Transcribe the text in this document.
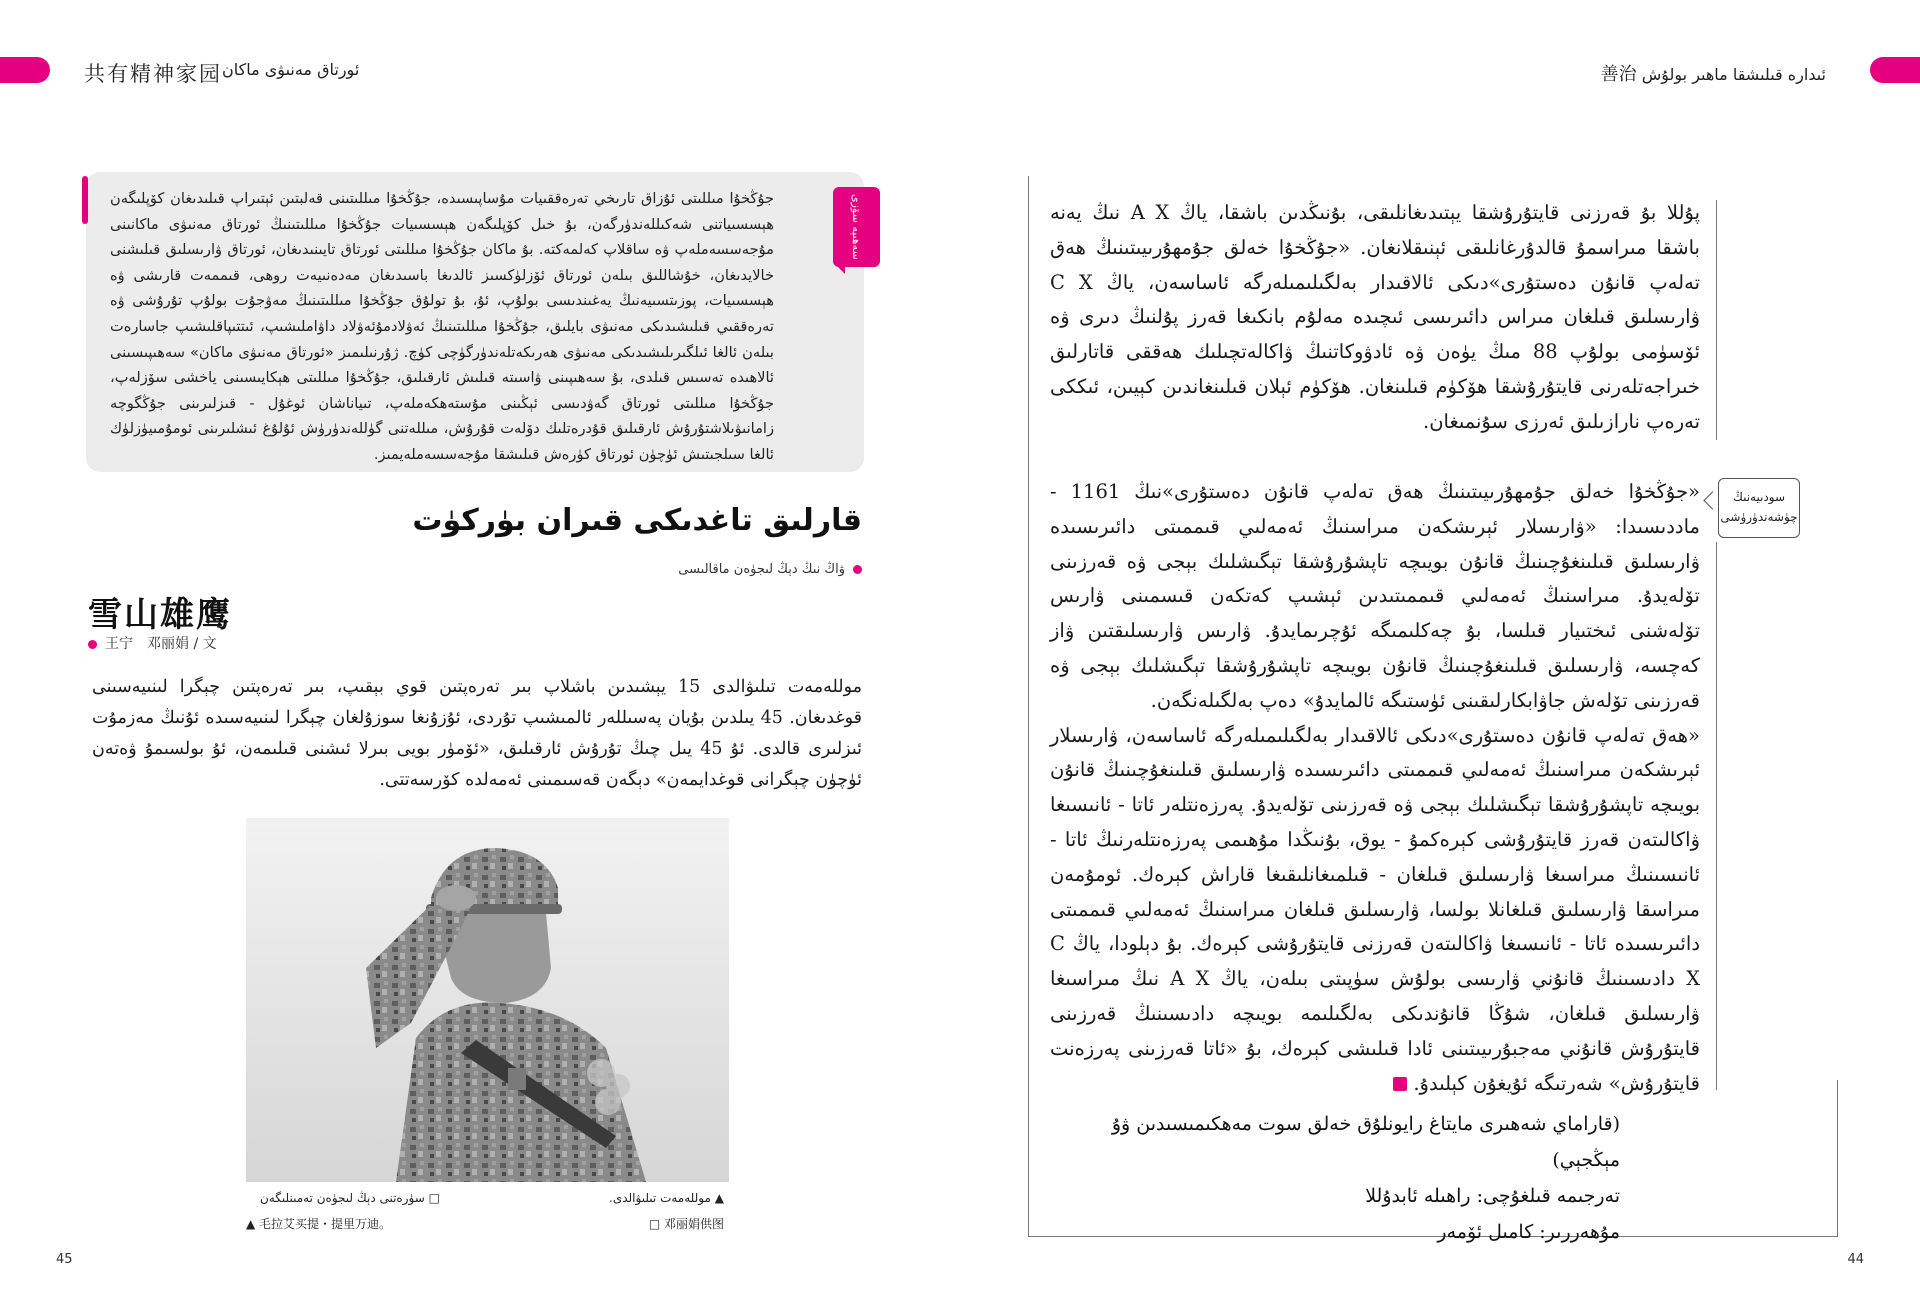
共有精神家园 ئورتاق مەنىۋى ماكان	ئىدارە قىلىشقا ماھىر بولۇش 善治
جۇڭخۇا مىللىتى ئۇزاق تارىخي تەرەققىيات مۇساپىسىدە، جۇڭخۇا مىللىتىنى قەلبتىن ئېتىراپ قىلىدىغان كۆپلىگەن ھېسسىياتنى شەكىللەندۈرگەن، بۇ خىل كۆپلىگەن ھېسسىيات جۇڭخۇا مىللىتىنىڭ ئورتاق مەنىۋى ماكانىنى مۇجەسسەملەپ ۋە ساقلاپ كەلمەكتە. بۇ ماكان جۇڭخۇا مىللىتى ئورتاق تايىنىدىغان، ئورتاق ۋارىسلىق قىلىشنى خالايدىغان، خۇشاللىق بىلەن ئورتاق ئۆزلۈكسىز ئالدىغا باسىدىغان مەدەنىيەت روھى، قىممەت قارىشى ۋە ھېسسىيات، پوزىتسىيەنىڭ يەغىندىسى بولۇپ، ئۇ، بۇ تولۇق جۇڭخۇا مىللىتىنىڭ مەۋجۇت بولۇپ تۇرۇشى ۋە تەرەققىي قىلىشىدىكى مەنىۋى بايلىق، جۇڭخۇا مىللىتىنىڭ ئەۋلادمۇئەۋلاد داۋاملىشىپ، ئىتتىپاقلىشىپ جاسارەت بىلەن ئالغا ئىلگىرىلىشىدىكى مەنىۋى ھەرىكەتلەندۈرگۈچى كۈچ. ژۇرنىلىمىز «ئورتاق مەنىۋى ماكان» سەھىپىسىنى ئالاھىدە تەسىس قىلدى، بۇ سەھىپىنى ۋاسىتە قىلىش ئارقىلىق، جۇڭخۇا مىللىتى ھېكايىسىنى ياخشى سۆزلەپ، جۇڭخۇا مىللىتى ئورتاق گەۋدىسى ئېڭىنى مۇستەھكەملەپ، تىياناشان ئوغۇل - قىزلىرىنى جۇڭگوچە زامانىۋىلاشتۇرۇش ئارقىلىق قۇدرەتلىك دۆلەت قۇرۇش، مىللەتنى گۈللەندۈرۈش ئۇلۇغ ئىشلىرىنى ئومۇمىيۈزلۈك ئالغا سىلجىتىش ئۈچۈن ئورتاق كۈرەش قىلىشقا مۇجەسسەملەيمىز.
سەھىپە سۆزى
قارلىق تاغدىكى قىران بۈركۈت
ۋاڭ نىڭ دېڭ لىجۈەن ماقالىسى
雪山雄鹰
王宁　邓丽娟 / 文
موللەمەت تىلىۋالدى 15 يېشىدىن باشلاپ بىر تەرەپتىن قوي بېقىپ، بىر تەرەپتىن چېگرا لىنىيەسىنى قوغدىغان. 45 يىلدىن بۇيان پەسىللەر ئالمىشىپ تۇردى، ئۇزۇنغا سوزۇلغان چېگرا لىنىيەسىدە ئۇنىڭ مەزمۇت ئىزلىرى قالدى. ئۇ 45 يىل چىڭ تۇرۇش ئارقىلىق، «ئۆمۈر بويى بىرلا ئىشنى قىلىمەن، ئۇ بولسىمۇ ۋەتەن ئۈچۈن چېگرانى قوغدايمەن» دېگەن قەسىمىنى ئەمەلدە كۆرسەتتى.
▲ موللەمەت تىلىۋالدى.
□ سۈرەتنى دېڭ لىجۈەن تەمىنلىگەن
▲ 毛拉艾买提・提里万迪。	□ 邓丽娟供图
45
سودىيەنىڭ چۈشەندۈرۈشى
پۇللا بۇ قەرزنى قايتۇرۇشقا يېتىدىغانلىقى، بۇنىڭدىن باشقا، ياڭ A X نىڭ يەنە باشقا مىراسمۇ قالدۇرغانلىقى ئېنىقلانغان. «جۇڭخۇا خەلق جۇمھۇرىيىتىنىڭ ھەق تەلەپ قانۇن دەستۇرى»دىكى ئالاقىدار بەلگىلىمىلەرگە ئاساسەن، ياڭ C X ۋارىسلىق قىلغان مىراس دائىرىسى ئىچىدە مەلۇم بانكىغا قەرز پۇلنىڭ دىرى ۋە ئۆسۈمى بولۇپ 88 مىڭ يۈەن ۋە ئادۋوكاتنىڭ ۋاكالەتچىلىك ھەققى قاتارلىق خىراجەتلەرنى قايتۇرۇشقا ھۆكۈم قىلىنغان. ھۆكۈم ئېلان قىلىنغاندىن كېيىن، ئىككى تەرەپ نارازىلىق ئەرزى سۇنمىغان.
«جۇڭخۇا خەلق جۇمھۇرىيىتىنىڭ ھەق تەلەپ قانۇن دەستۇرى»نىڭ 1161 - ماددىسىدا: «ۋارىسلار ئېرىشكەن مىراسنىڭ ئەمەلىي قىممىتى دائىرىسىدە ۋارىسلىق قىلىنغۇچىنىڭ قانۇن بويىچە تاپشۇرۇشقا تېگىشلىك بېجى ۋە قەرزىنى تۆلەيدۇ. مىراسنىڭ ئەمەلىي قىممىتىدىن ئېشىپ كەتكەن قىسمىنى ۋارىس تۆلەشنى ئىختىيار قىلسا، بۇ چەكلىمىگە ئۇچرىمايدۇ. ۋارىس ۋارىسلىقتىن ۋاز كەچسە، ۋارىسلىق قىلىنغۇچىنىڭ قانۇن بويىچە تاپشۇرۇشقا تېگىشلىك بېجى ۋە قەرزىنى تۆلەش جاۋابكارلىقىنى ئۈستىگە ئالمايدۇ» دەپ بەلگىلەنگەن.
«ھەق تەلەپ قانۇن دەستۇرى»دىكى ئالاقىدار بەلگىلىمىلەرگە ئاساسەن، ۋارىسلار ئېرىشكەن مىراسنىڭ ئەمەلىي قىممىتى دائىرىسىدە ۋارىسلىق قىلىنغۇچىنىڭ قانۇن بويىچە تاپشۇرۇشقا تېگىشلىك بېجى ۋە قەرزىنى تۆلەيدۇ. پەرزەنتلەر ئاتا - ئانىسىغا ۋاكالىتەن قەرز قايتۇرۇشى كېرەكمۇ - يوق، بۇنىڭدا مۇھىمى پەرزەنتلەرنىڭ ئاتا - ئانىسىنىڭ مىراسىغا ۋارىسلىق قىلغان - قىلمىغانلىقىغا قاراش كېرەك. ئومۇمەن مىراسقا ۋارىسلىق قىلغانلا بولسا، ۋارىسلىق قىلغان مىراسنىڭ ئەمەلىي قىممىتى دائىرىسىدە ئاتا - ئانىسىغا ۋاكالىتەن قەرزنى قايتۇرۇشى كېرەك. بۇ دېلودا، ياڭ C X دادىسىنىڭ قانۇني ۋارىسى بولۇش سۈپىتى بىلەن، ياڭ A X نىڭ مىراسىغا ۋارىسلىق قىلغان، شۇڭا قانۇندىكى بەلگىلىمە بويىچە دادىسىنىڭ قەرزىنى قايتۇرۇش قانۇني مەجبۇرىيىتىنى ئادا قىلىشى كېرەك، بۇ «ئاتا قەرزىنى پەرزەنت قايتۇرۇش» شەرتىگە ئۇيغۇن كېلىدۇ.
(قاراماي شەھىرى مايتاغ رايونلۇق خەلق سوت مەھكىمىسىدىن ۋۇ مېڭجېي)
تەرجىمە قىلغۇچى: راھىلە ئابدۇللا
مۇھەررىر: كامىل ئۆمەر
44
